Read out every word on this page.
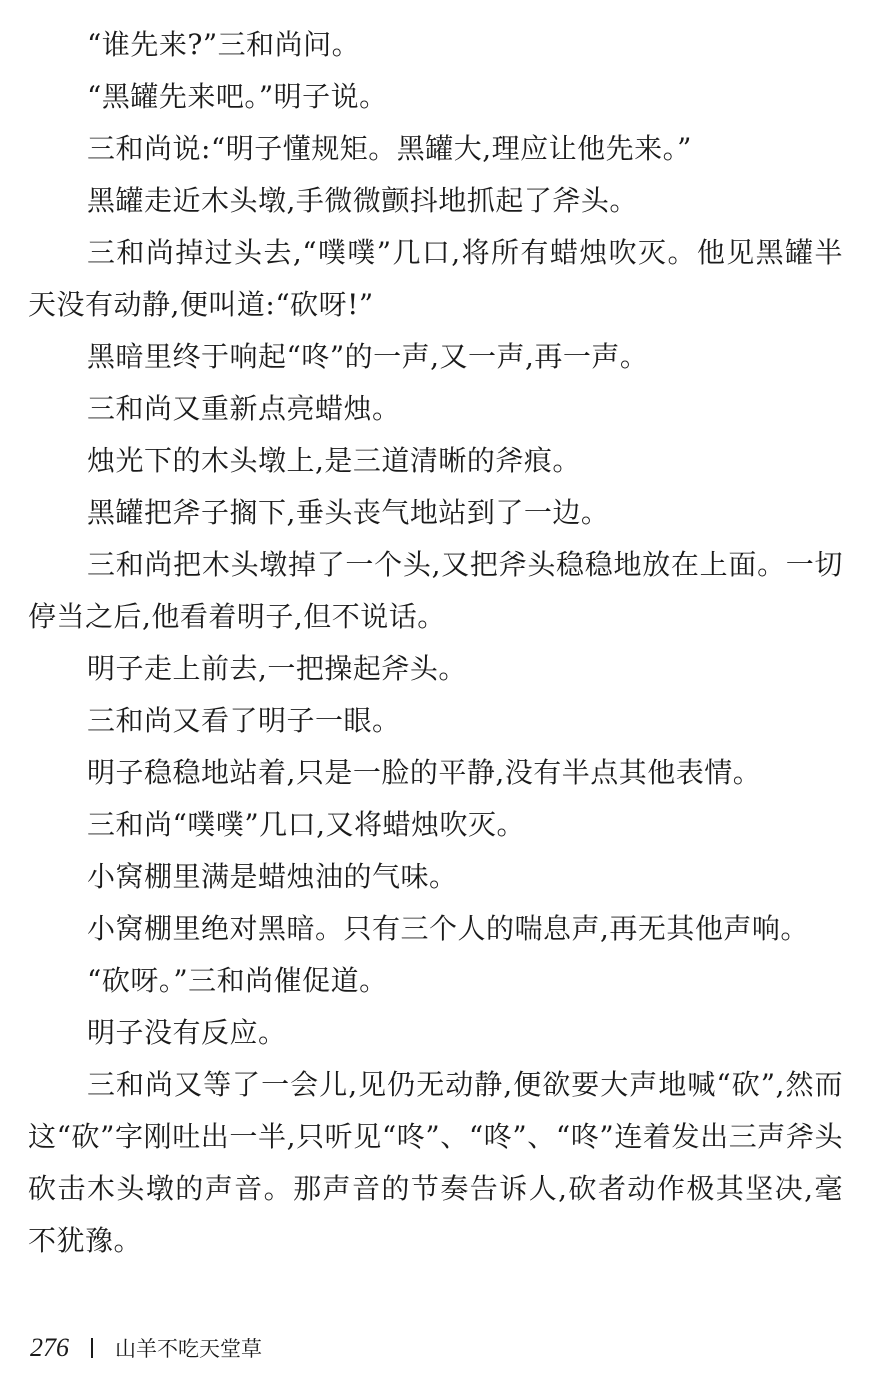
“谁先来?”三和尚问。

“黑罐先来吧。”明子说。

三和尚说:“明子懂规矩。黑罐大,理应让他先来。”

黑罐走近木头墩,手微微颤抖地抓起了斧头。

三和尚掉过头去,“噗噗”几口,将所有蜡烛吹灭。他见黑罐半天没有动静,便叫道:“砍呀!”

黑暗里终于响起“咚”的一声,又一声,再一声。

三和尚又重新点亮蜡烛。

烛光下的木头墩上,是三道清晰的斧痕。

黑罐把斧子搁下,垂头丧气地站到了一边。

三和尚把木头墩掉了一个头,又把斧头稳稳地放在上面。一切停当之后,他看着明子,但不说话。

明子走上前去,一把操起斧头。

三和尚又看了明子一眼。

明子稳稳地站着,只是一脸的平静,没有半点其他表情。

三和尚“噗噗”几口,又将蜡烛吹灭。

小窝棚里满是蜡烛油的气味。

小窝棚里绝对黑暗。只有三个人的喘息声,再无其他声响。

“砍呀。”三和尚催促道。

明子没有反应。

三和尚又等了一会儿,见仍无动静,便欲要大声地喊“砍”,然而这“砍”字刚吐出一半,只听见“咚”、“咚”、“咚”连着发出三声斧头砍击木头墩的声音。那声音的节奏告诉人,砍者动作极其坚决,毫不犹豫。

276 山羊不吃天堂草
